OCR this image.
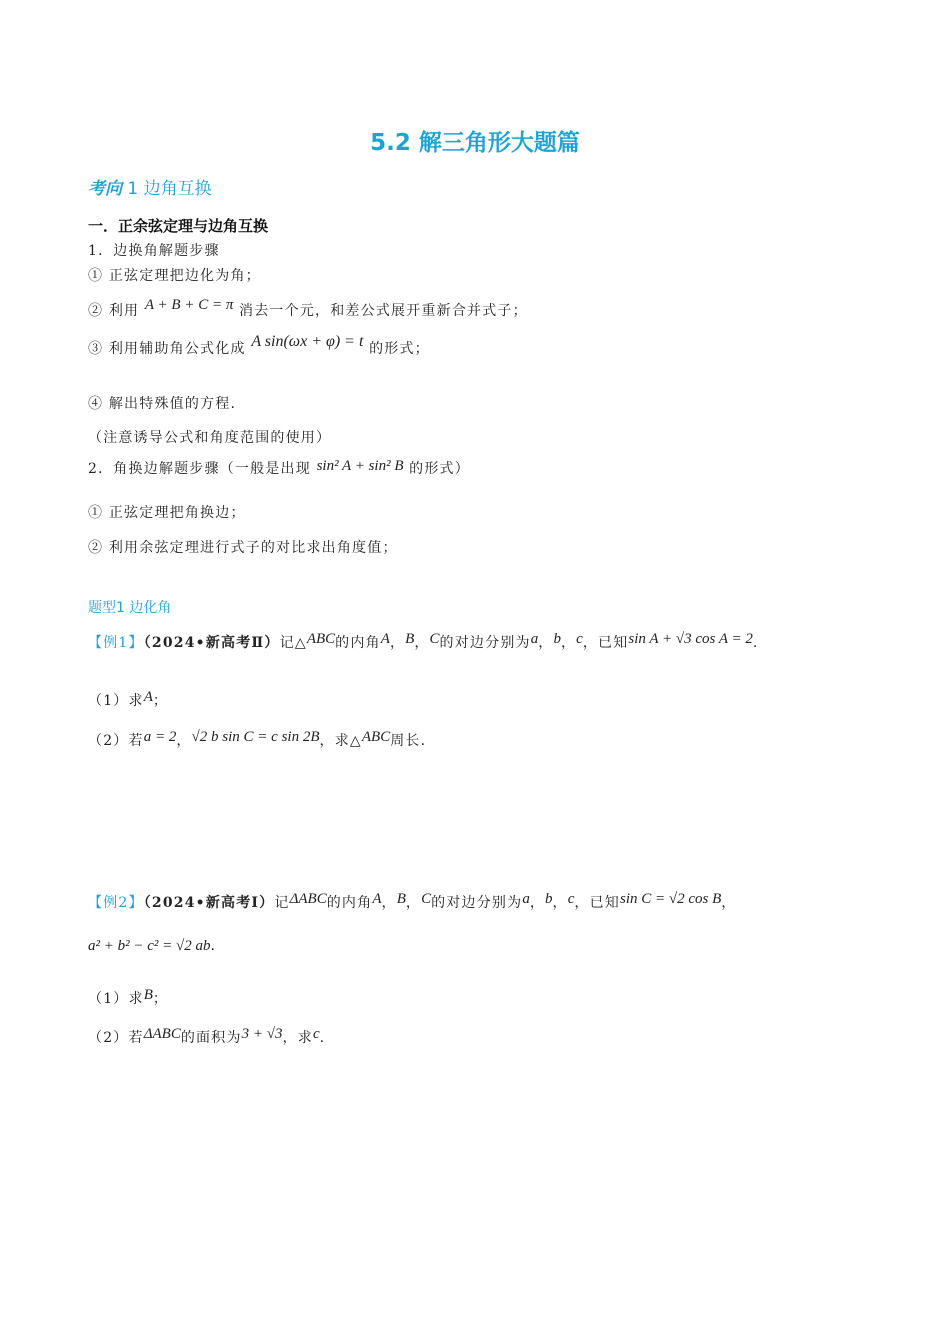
5.2 解三角形大题篇
考向 1 边角互换
一．正余弦定理与边角互换
1．边换角解题步骤
① 正弦定理把边化为角；
② 利用 A + B + C = π 消去一个元，和差公式展开重新合并式子；
③ 利用辅助角公式化成 A sin(ωx + φ) = t 的形式；
④ 解出特殊值的方程.
（注意诱导公式和角度范围的使用）
2．角换边解题步骤（一般是出现 sin² A + sin² B 的形式）
① 正弦定理把角换边；
② 利用余弦定理进行式子的对比求出角度值；
题型1 边化角
【例1】（2024•新高考Ⅱ）记△ABC的内角A，B，C的对边分别为a，b，c，已知sin A + √3 cos A = 2.
（1）求A；
（2）若a = 2，√2 b sin C = c sin 2B，求△ABC周长.
【例2】（2024•新高考Ⅰ）记ΔABC的内角A，B，C的对边分别为a，b，c，已知sin C = √2 cos B，
a² + b² − c² = √2 ab.
（1）求B；
（2）若ΔABC的面积为3 + √3，求c.
